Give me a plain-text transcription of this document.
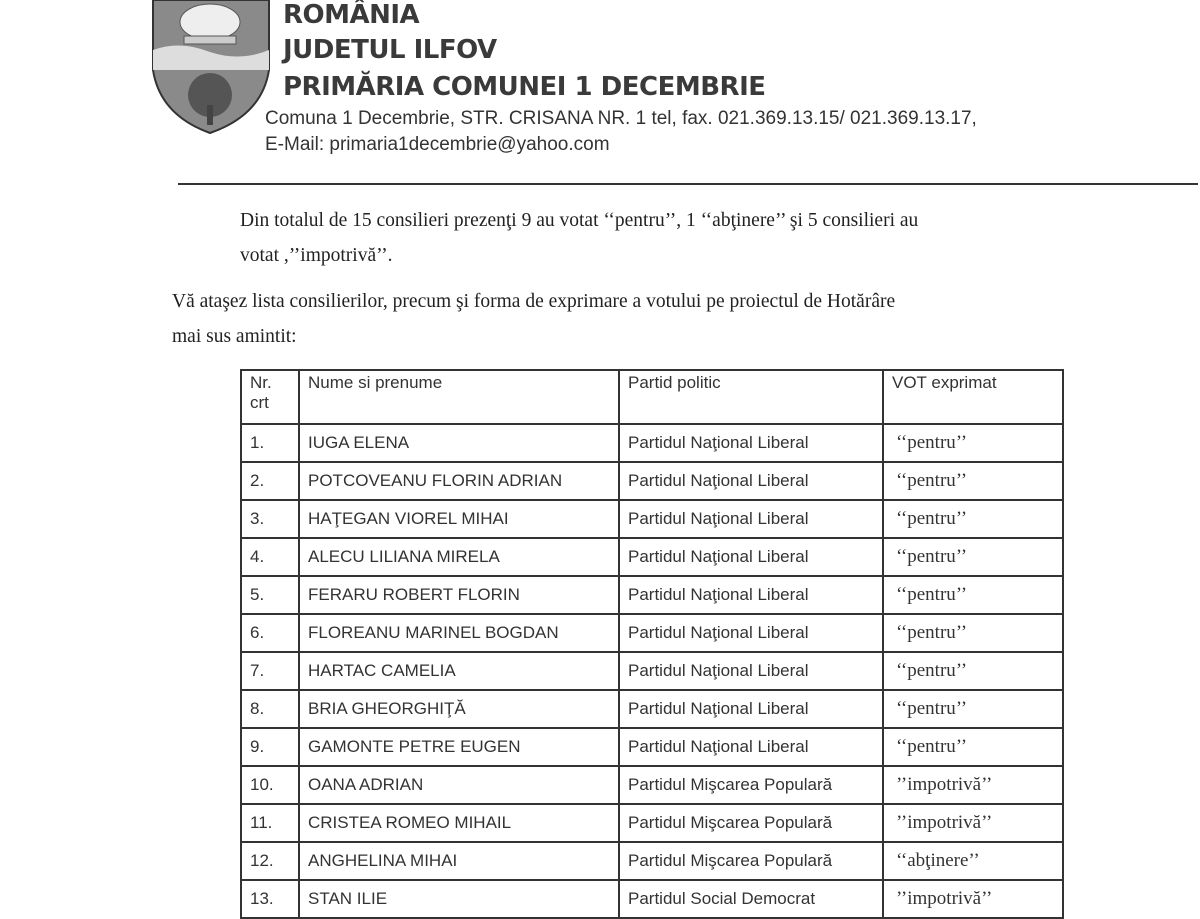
ROMÂNIA
JUDETUL ILFOV
PRIMĂRIA COMUNEI 1 DECEMBRIE
Comuna 1 Decembrie, STR. CRISANA NR. 1 tel, fax. 021.369.13.15/ 021.369.13.17,
E-Mail: primaria1decembrie@yahoo.com
Din totalul de 15 consilieri prezenţi 9 au votat ‘‘pentru’’, 1 ‘‘abţinere’’ şi 5 consilieri au
votat ,’’impotrivă’’.
Vă ataşez lista consilierilor, precum şi forma de exprimare a votului pe proiectul de Hotărâre
mai sus amintit:
Nr. crt	Nume si prenume	Partid politic	VOT exprimat
1.	IUGA ELENA	Partidul Naţional Liberal	‘‘pentru’’
2.	POTCOVEANU FLORIN ADRIAN	Partidul Naţional Liberal	‘‘pentru’’
3.	HAŢEGAN VIOREL MIHAI	Partidul Naţional Liberal	‘‘pentru’’
4.	ALECU LILIANA MIRELA	Partidul Naţional Liberal	‘‘pentru’’
5.	FERARU ROBERT FLORIN	Partidul Naţional Liberal	‘‘pentru’’
6.	FLOREANU MARINEL BOGDAN	Partidul Naţional Liberal	‘‘pentru’’
7.	HARTAC CAMELIA	Partidul Naţional Liberal	‘‘pentru’’
8.	BRIA GHEORGHIŢĂ	Partidul Naţional Liberal	‘‘pentru’’
9.	GAMONTE PETRE EUGEN	Partidul Naţional Liberal	‘‘pentru’’
10.	OANA ADRIAN	Partidul Mişcarea Populară	’’impotrivă’’
11.	CRISTEA ROMEO MIHAIL	Partidul Mişcarea Populară	’’impotrivă’’
12.	ANGHELINA MIHAI	Partidul Mişcarea Populară	‘‘abţinere’’
13.	STAN ILIE	Partidul Social Democrat	’’impotrivă’’
